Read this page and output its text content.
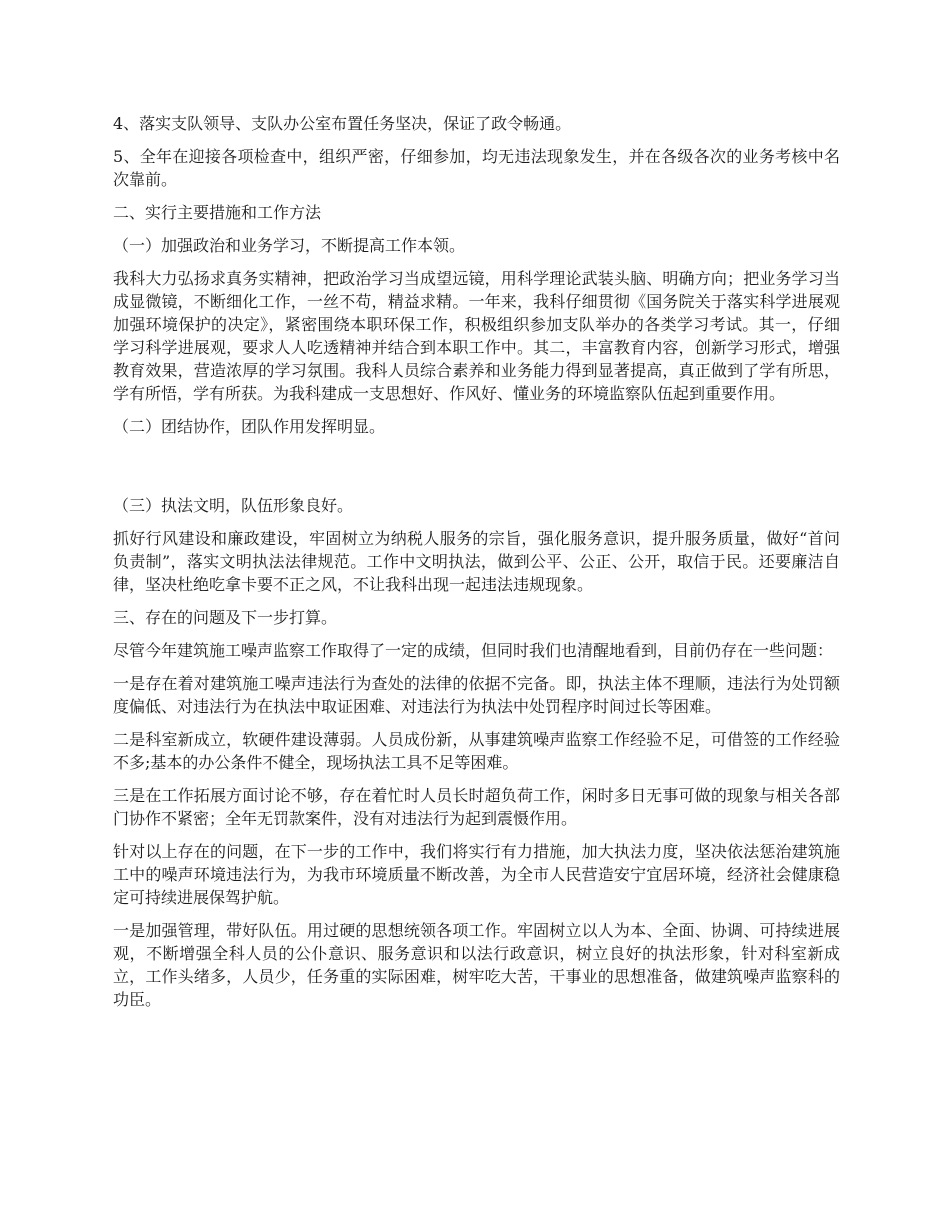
4、落实支队领导、支队办公室布置任务坚决，保证了政令畅通。

5、全年在迎接各项检查中，组织严密，仔细参加，均无违法现象发生，并在各级各次的业务考核中名次靠前。

二、实行主要措施和工作方法

（一）加强政治和业务学习，不断提高工作本领。

我科大力弘扬求真务实精神，把政治学习当成望远镜，用科学理论武装头脑、明确方向；把业务学习当成显微镜，不断细化工作，一丝不苟，精益求精。一年来，我科仔细贯彻《国务院关于落实科学进展观加强环境保护的决定》，紧密围绕本职环保工作，积极组织参加支队举办的各类学习考试。其一，仔细学习科学进展观，要求人人吃透精神并结合到本职工作中。其二，丰富教育内容，创新学习形式，增强教育效果，营造浓厚的学习氛围。我科人员综合素养和业务能力得到显著提高，真正做到了学有所思，学有所悟，学有所获。为我科建成一支思想好、作风好、懂业务的环境监察队伍起到重要作用。

（二）团结协作，团队作用发挥明显。

（三）执法文明，队伍形象良好。

抓好行风建设和廉政建设，牢固树立为纳税人服务的宗旨，强化服务意识，提升服务质量，做好“首问负责制”，落实文明执法法律规范。工作中文明执法，做到公平、公正、公开，取信于民。还要廉洁自律，坚决杜绝吃拿卡要不正之风，不让我科出现一起违法违规现象。

三、存在的问题及下一步打算。

尽管今年建筑施工噪声监察工作取得了一定的成绩，但同时我们也清醒地看到，目前仍存在一些问题：

一是存在着对建筑施工噪声违法行为查处的法律的依据不完备。即，执法主体不理顺，违法行为处罚额度偏低、对违法行为在执法中取证困难、对违法行为执法中处罚程序时间过长等困难。

二是科室新成立，软硬件建设薄弱。人员成份新，从事建筑噪声监察工作经验不足，可借签的工作经验不多;基本的办公条件不健全，现场执法工具不足等困难。

三是在工作拓展方面讨论不够，存在着忙时人员长时超负荷工作，闲时多日无事可做的现象与相关各部门协作不紧密；全年无罚款案件，没有对违法行为起到震慑作用。

针对以上存在的问题，在下一步的工作中，我们将实行有力措施，加大执法力度，坚决依法惩治建筑施工中的噪声环境违法行为，为我市环境质量不断改善，为全市人民营造安宁宜居环境，经济社会健康稳定可持续进展保驾护航。

一是加强管理，带好队伍。用过硬的思想统领各项工作。牢固树立以人为本、全面、协调、可持续进展观，不断增强全科人员的公仆意识、服务意识和以法行政意识，树立良好的执法形象，针对科室新成立，工作头绪多，人员少，任务重的实际困难，树牢吃大苦，干事业的思想准备，做建筑噪声监察科的功臣。
